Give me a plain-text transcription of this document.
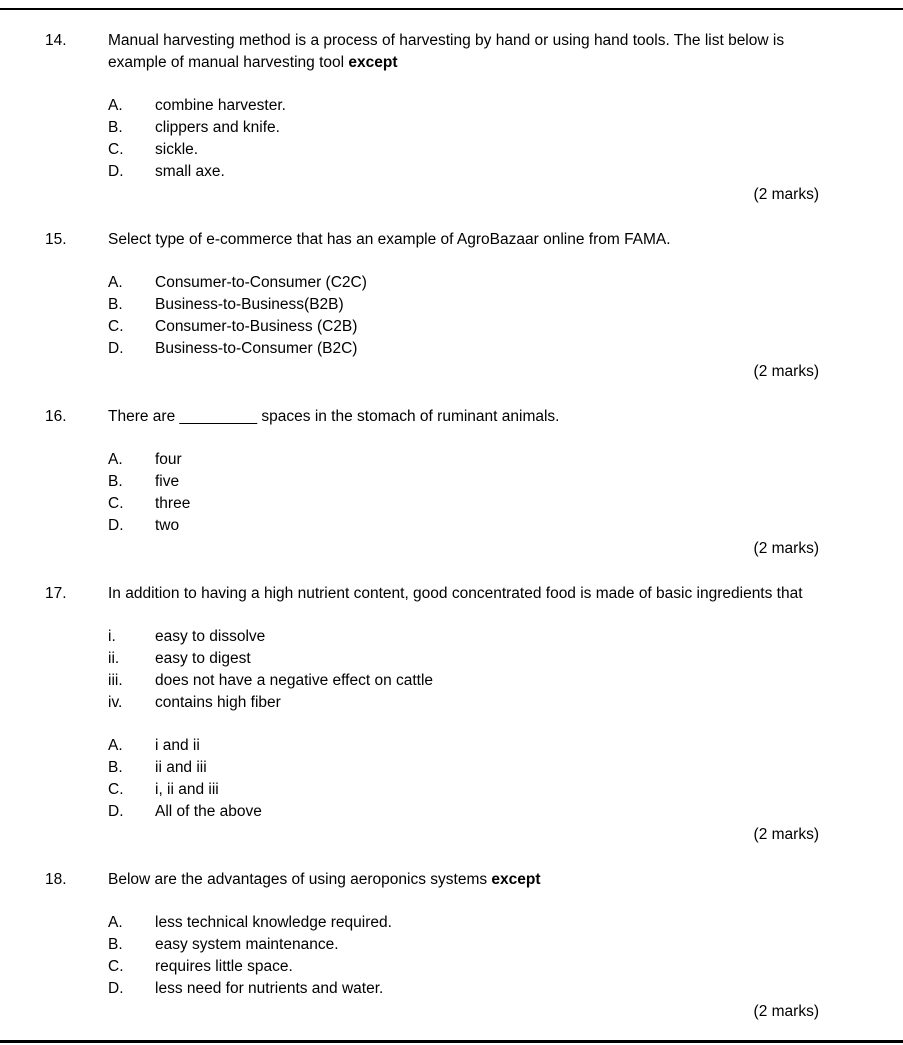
14.	Manual harvesting method is a process of harvesting by hand or using hand tools. The list below is example of manual harvesting tool except
A.	combine harvester.
B.	clippers and knife.
C.	sickle.
D.	small axe.
(2 marks)
15.	Select type of e-commerce that has an example of AgroBazaar online from FAMA.
A.	Consumer-to-Consumer (C2C)
B.	Business-to-Business(B2B)
C.	Consumer-to-Business (C2B)
D.	Business-to-Consumer (B2C)
(2 marks)
16.	There are _________ spaces in the stomach of ruminant animals.
A.	four
B.	five
C.	three
D.	two
(2 marks)
17.	In addition to having a high nutrient content, good concentrated food is made of basic ingredients that
i.	easy to dissolve
ii.	easy to digest
iii.	does not have a negative effect on cattle
iv.	contains high fiber
A.	i and ii
B.	ii and iii
C.	i, ii and iii
D.	All of the above
(2 marks)
18.	Below are the advantages of using aeroponics systems except
A.	less technical knowledge required.
B.	easy system maintenance.
C.	requires little space.
D.	less need for nutrients and water.
(2 marks)
